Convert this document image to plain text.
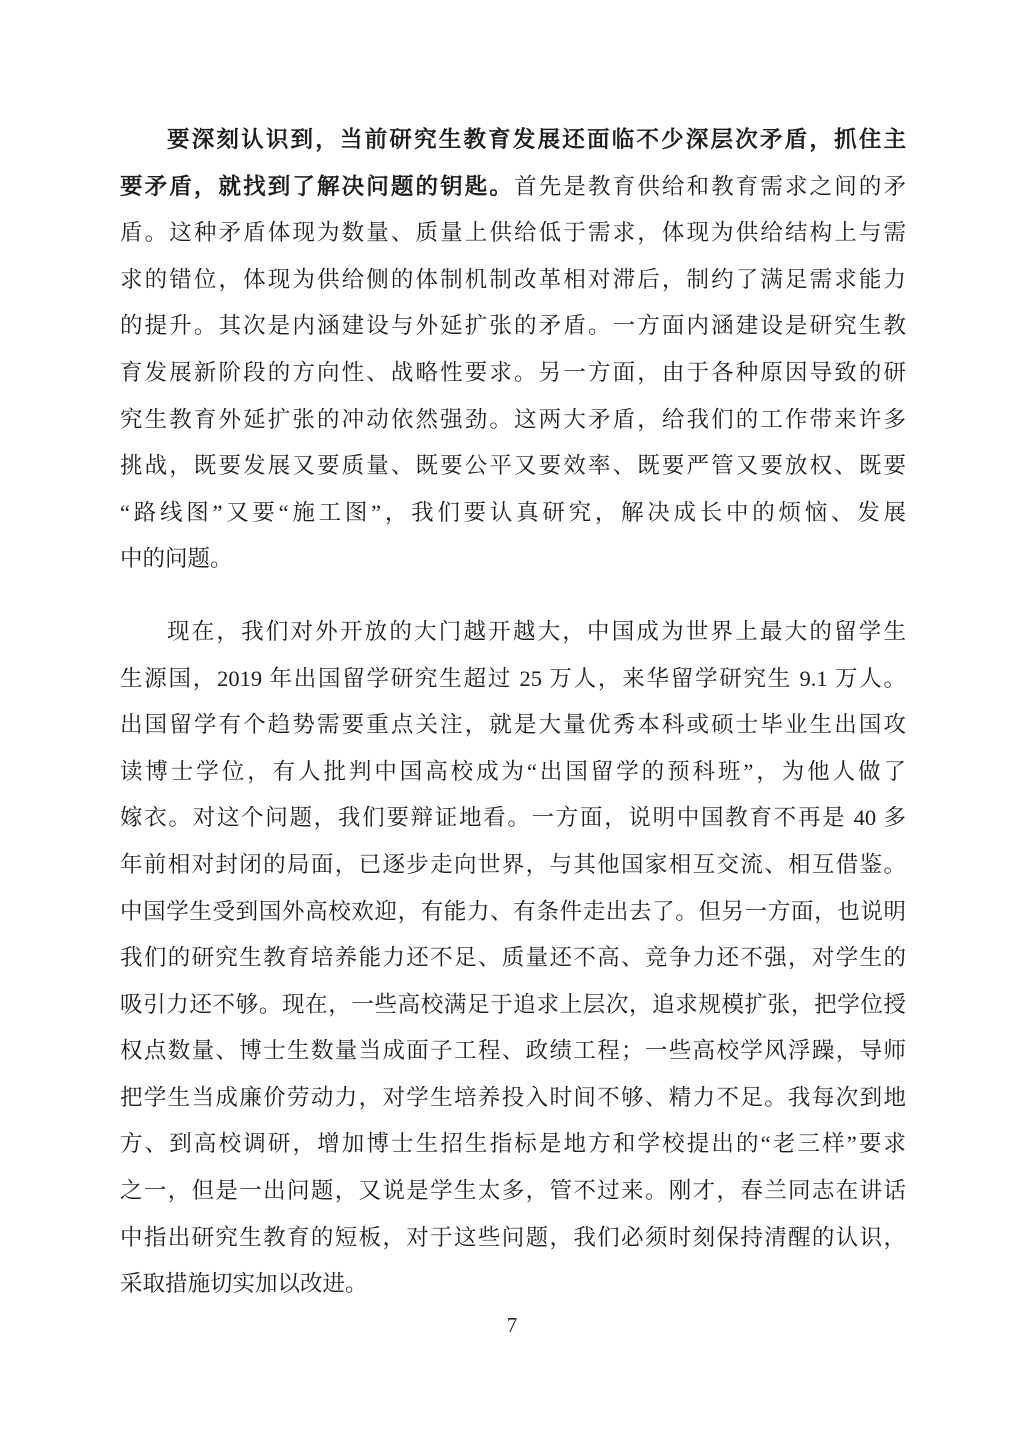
要深刻认识到，当前研究生教育发展还面临不少深层次矛盾，抓住主
要矛盾，就找到了解决问题的钥匙。首先是教育供给和教育需求之间的矛
盾。这种矛盾体现为数量、质量上供给低于需求，体现为供给结构上与需
求的错位，体现为供给侧的体制机制改革相对滞后，制约了满足需求能力
的提升。其次是内涵建设与外延扩张的矛盾。一方面内涵建设是研究生教
育发展新阶段的方向性、战略性要求。另一方面，由于各种原因导致的研
究生教育外延扩张的冲动依然强劲。这两大矛盾，给我们的工作带来许多
挑战，既要发展又要质量、既要公平又要效率、既要严管又要放权、既要
“路线图”又要“施工图”，我们要认真研究，解决成长中的烦恼、发展
中的问题。
现在，我们对外开放的大门越开越大，中国成为世界上最大的留学生
生源国，2019 年出国留学研究生超过 25 万人，来华留学研究生 9.1 万人。
出国留学有个趋势需要重点关注，就是大量优秀本科或硕士毕业生出国攻
读博士学位，有人批判中国高校成为“出国留学的预科班”，为他人做了
嫁衣。对这个问题，我们要辩证地看。一方面，说明中国教育不再是 40 多
年前相对封闭的局面，已逐步走向世界，与其他国家相互交流、相互借鉴。
中国学生受到国外高校欢迎，有能力、有条件走出去了。但另一方面，也说明
我们的研究生教育培养能力还不足、质量还不高、竞争力还不强，对学生的
吸引力还不够。现在，一些高校满足于追求上层次，追求规模扩张，把学位授
权点数量、博士生数量当成面子工程、政绩工程；一些高校学风浮躁，导师
把学生当成廉价劳动力，对学生培养投入时间不够、精力不足。我每次到地
方、到高校调研，增加博士生招生指标是地方和学校提出的“老三样”要求
之一，但是一出问题，又说是学生太多，管不过来。刚才，春兰同志在讲话
中指出研究生教育的短板，对于这些问题，我们必须时刻保持清醒的认识，
采取措施切实加以改进。
7
